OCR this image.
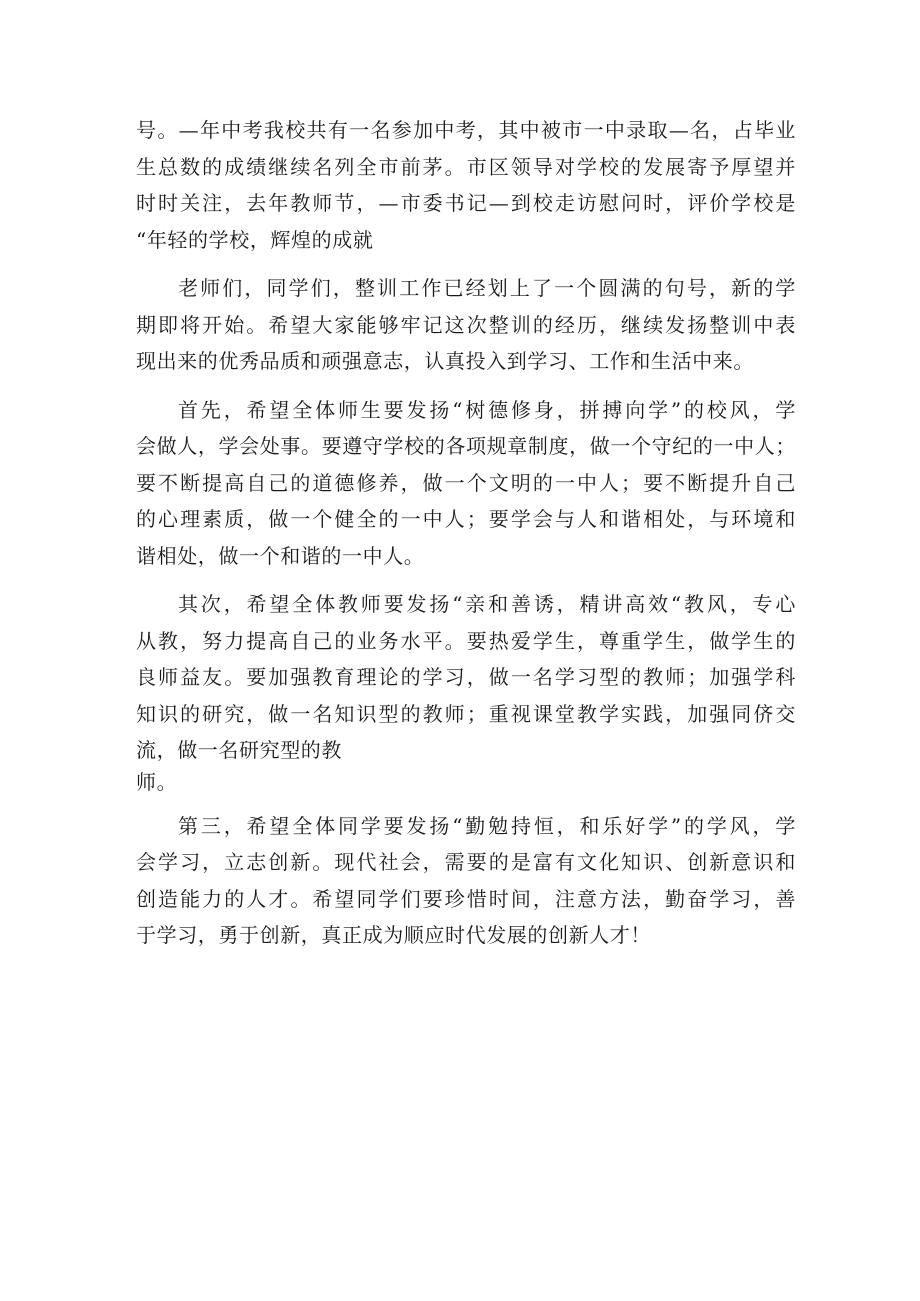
号。—年中考我校共有一名参加中考，其中被市一中录取—名，占毕业
生总数的成绩继续名列全市前茅。市区领导对学校的发展寄予厚望并
时时关注，去年教师节，—市委书记—到校走访慰问时，评价学校是
“年轻的学校，辉煌的成就
老师们，同学们，整训工作已经划上了一个圆满的句号，新的学
期即将开始。希望大家能够牢记这次整训的经历，继续发扬整训中表
现出来的优秀品质和顽强意志，认真投入到学习、工作和生活中来。
首先，希望全体师生要发扬“树德修身，拼搏向学”的校风，学
会做人，学会处事。要遵守学校的各项规章制度，做一个守纪的一中人；
要不断提高自己的道德修养，做一个文明的一中人；要不断提升自己
的心理素质，做一个健全的一中人；要学会与人和谐相处，与环境和
谐相处，做一个和谐的一中人。
其次，希望全体教师要发扬“亲和善诱，精讲高效“教风，专心
从教，努力提高自己的业务水平。要热爱学生，尊重学生，做学生的
良师益友。要加强教育理论的学习，做一名学习型的教师；加强学科
知识的研究，做一名知识型的教师；重视课堂教学实践，加强同侪交
流，做一名研究型的教
师。
第三，希望全体同学要发扬“勤勉持恒，和乐好学”的学风，学
会学习，立志创新。现代社会，需要的是富有文化知识、创新意识和
创造能力的人才。希望同学们要珍惜时间，注意方法，勤奋学习，善
于学习，勇于创新，真正成为顺应时代发展的创新人才！
